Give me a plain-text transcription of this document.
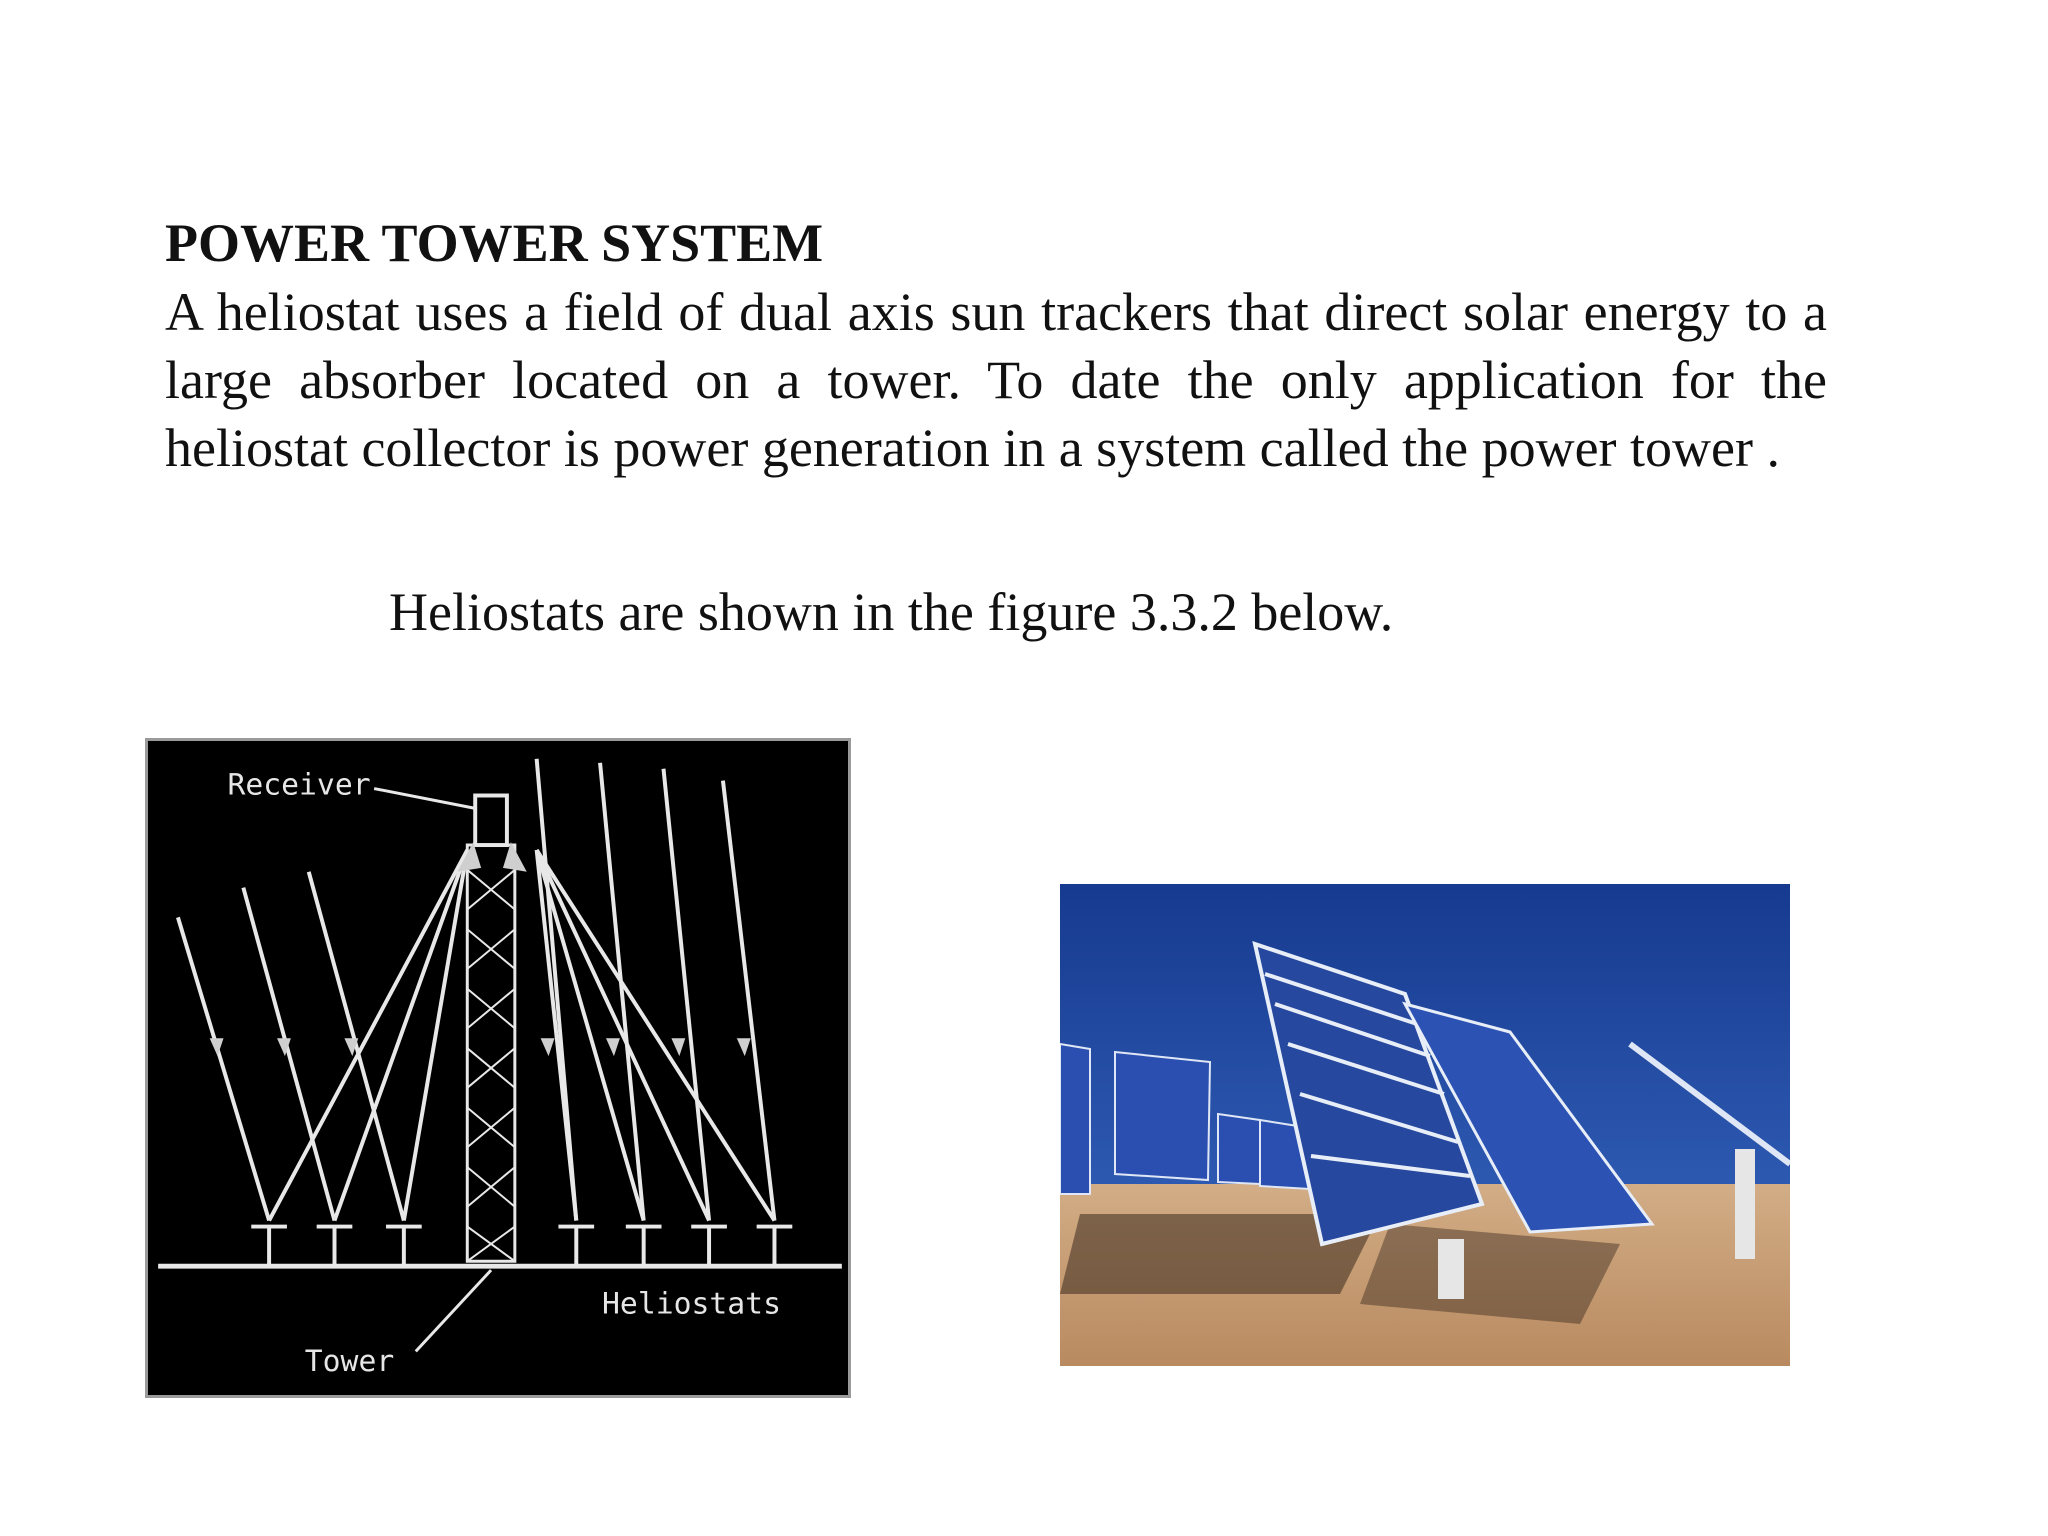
POWER TOWER SYSTEM

A heliostat uses a field of dual axis sun trackers that direct solar energy to a large absorber located on a tower. To date the only application for the heliostat collector is power generation in a system called the power tower .

Heliostats are shown in the figure 3.3.2 below.

Receiver
Heliostats
Tower
